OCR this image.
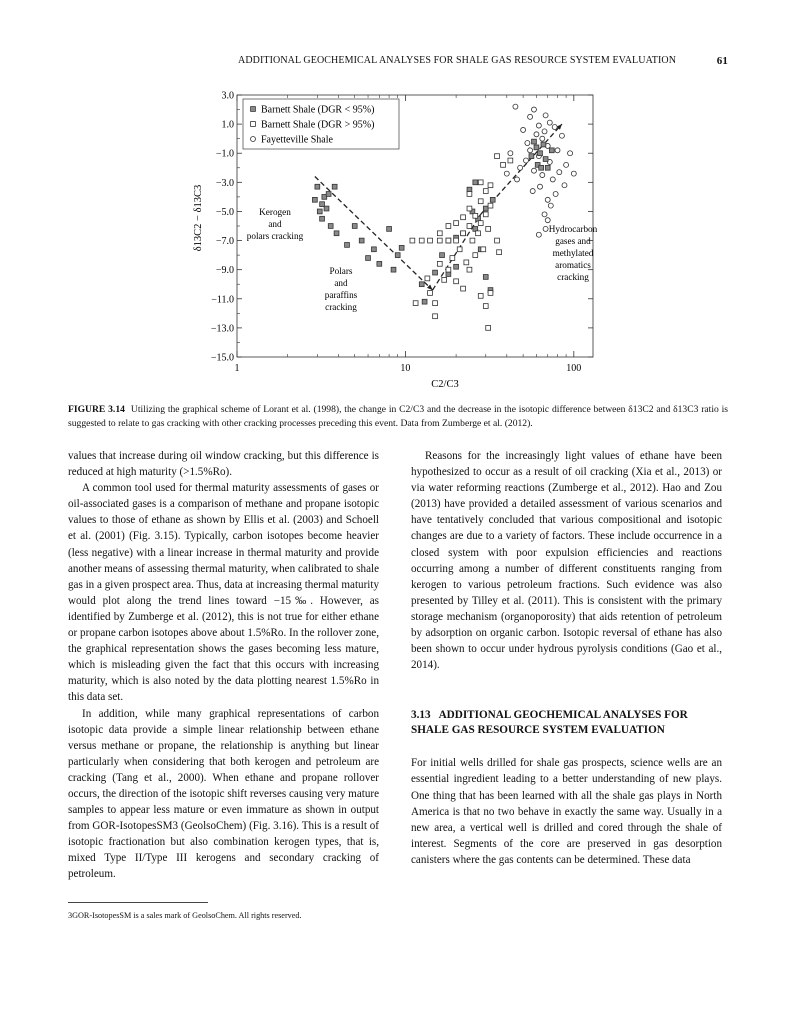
ADDITIONAL GEOCHEMICAL ANALYSES FOR SHALE GAS RESOURCE SYSTEM EVALUATION	61
3.0
1.0
−1.0
−3.0
−5.0
−7.0
−9.0
−11.0
−13.0
−15.0
1	10	100
C2/C3
δ13C2 − δ13C3
Barnett Shale (DGR < 95%)
Barnett Shale (DGR > 95%)
Fayetteville Shale
Kerogen and polars cracking
Polars and paraffins cracking
Hydrocarbon gases and methylated aromatics cracking
FIGURE 3.14 Utilizing the graphical scheme of Lorant et al. (1998), the change in C2/C3 and the decrease in the isotopic difference between δ13C2 and δ13C3 ratio is suggested to relate to gas cracking with other cracking processes preceding this event. Data from Zumberge et al. (2012).

values that increase during oil window cracking, but this difference is reduced at high maturity (>1.5%Ro).

A common tool used for thermal maturity assessments of gases or oil-associated gases is a comparison of methane and propane isotopic values to those of ethane as shown by Ellis et al. (2003) and Schoell et al. (2001) (Fig. 3.15). Typically, carbon isotopes become heavier (less negative) with a linear increase in thermal maturity and provide another means of assessing thermal maturity, when calibrated to shale gas in a given prospect area. Thus, data at increasing thermal maturity would plot along the trend lines toward −15‰. However, as identified by Zumberge et al. (2012), this is not true for either ethane or propane carbon isotopes above about 1.5%Ro. In the rollover zone, the graphical representation shows the gases becoming less mature, which is misleading given the fact that this occurs with increasing maturity, which is also noted by the data plotting nearest 1.5%Ro in this data set.

In addition, while many graphical representations of carbon isotopic data provide a simple linear relationship between ethane versus methane or propane, the relationship is anything but linear particularly when considering that both kerogen and petroleum are cracking (Tang et al., 2000). When ethane and propane rollover occurs, the direction of the isotopic shift reverses causing very mature samples to appear less mature or even immature as shown in output from GOR-IsotopesSM3 (GeolsoChem) (Fig. 3.16). This is a result of isotopic fractionation but also combination kerogen types, that is, mixed Type II/Type III kerogens and secondary cracking of petroleum.

3GOR-IsotopesSM is a sales mark of GeolsoChem. All rights reserved.

Reasons for the increasingly light values of ethane have been hypothesized to occur as a result of oil cracking (Xia et al., 2013) or via water reforming reactions (Zumberge et al., 2012). Hao and Zou (2013) have provided a detailed assessment of various scenarios and have tentatively concluded that various compositional and isotopic changes are due to a variety of factors. These include occurrence in a closed system with poor expulsion efficiencies and reactions occurring among a number of different constituents ranging from kerogen to various petroleum fractions. Such evidence was also presented by Tilley et al. (2011). This is consistent with the primary storage mechanism (organoporosity) that aids retention of petroleum by adsorption on organic carbon. Isotopic reversal of ethane has also been shown to occur under hydrous pyrolysis conditions (Gao et al., 2014).

3.13 ADDITIONAL GEOCHEMICAL ANALYSES FOR SHALE GAS RESOURCE SYSTEM EVALUATION

For initial wells drilled for shale gas prospects, science wells are an essential ingredient leading to a better understanding of new plays. One thing that has been learned with all the shale gas plays in North America is that no two behave in exactly the same way. Usually in a new area, a vertical well is drilled and cored through the shale of interest. Segments of the core are preserved in gas desorption canisters where the gas contents can be determined. These data
